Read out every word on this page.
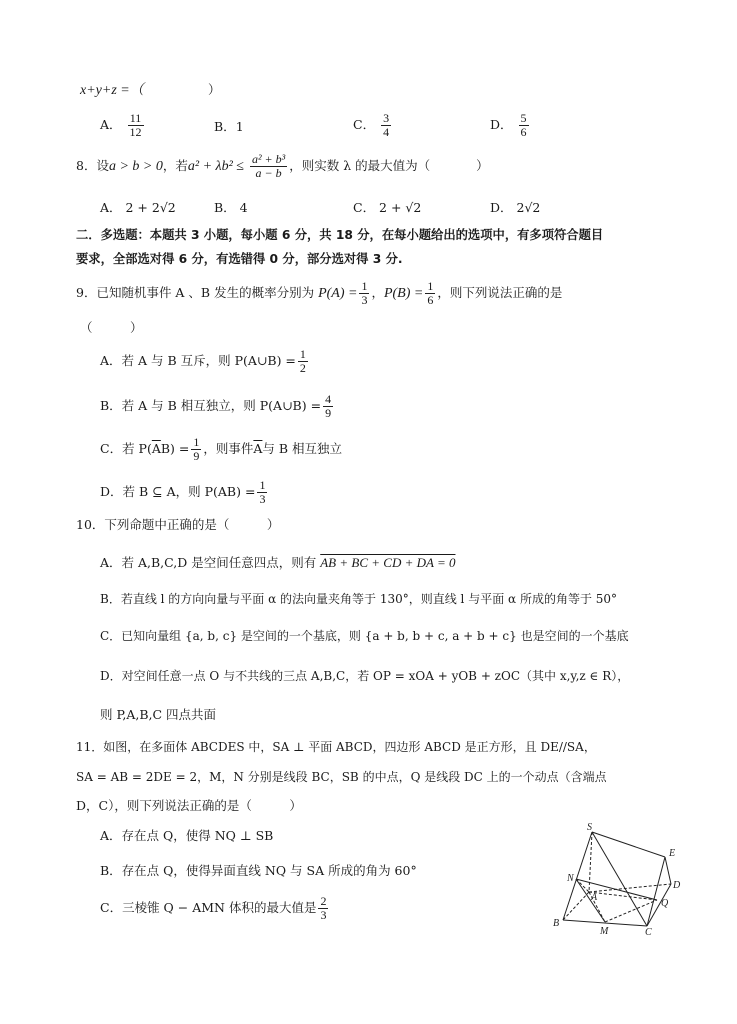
x+y+z =（	）
A． $\frac{11}{12}$	B．1	C． $\frac{3}{4}$	D． $\frac{5}{6}$
8．设a > b > 0，若$a^2 + \lambda b^2 \le \frac{\text{a² + b³}}{a - b}$ ，则实数 λ 的最大值为（	）
A． 2 + 2√2	B． 4	C． 2 + √2	D． 2√2
二．多选题：本题共 3 小题，每小题 6 分，共 18 分，在每小题给出的选项中，有多项符合题目
要求，全部选对得 6 分，有选错得 0 分，部分选对得 3 分.
9．已知随机事件 A 、B 发生的概率分别为 $P(A) = \frac{1}{3}$ ，$P(B) = \frac{1}{6}$ ，则下列说法正确的是
（　　　）
A．若 A 与 B 互斥，则 P(A∪B) = $\frac{1}{2}$
B．若 A 与 B 相互独立，则 P(A∪B) = $\frac{4}{9}$
C．若 $P(\overline{A}B) = \frac{1}{9}$ ，则事件$\overline{A}$与 B 相互独立
D．若 B ⊆ A，则 $P(AB) = \frac{1}{3}$
10．下列命题中正确的是（　　　）
A．若 A,B,C,D 是空间任意四点，则有 AB + BC + CD + DA = 0
B．若直线 l 的方向向量与平面 α 的法向量夹角等于 130°，则直线 l 与平面 α 所成的角等于 50°
C．已知向量组 {a, b, c} 是空间的一个基底，则 {a + b, b + c, a + b + c} 也是空间的一个基底
D．对空间任意一点 O 与不共线的三点 A,B,C，若 OP = xOA + yOB + zOC（其中 x,y,z ∈ R），
则 P,A,B,C 四点共面
11．如图，在多面体 ABCDES 中，SA ⊥ 平面 ABCD，四边形 ABCD 是正方形，且 DE//SA，
SA = AB = 2DE = 2，M，N 分别是线段 BC，SB 的中点，Q 是线段 DC 上的一个动点（含端点
D，C），则下列说法正确的是（　　　）
A．存在点 Q，使得 NQ ⊥ SB
B．存在点 Q，使得异面直线 NQ 与 SA 所成的角为 60°
C．三棱锥 Q − AMN 体积的最大值是 $\frac{2}{3}$
S
E
N
A
D
Q
B
M	C
